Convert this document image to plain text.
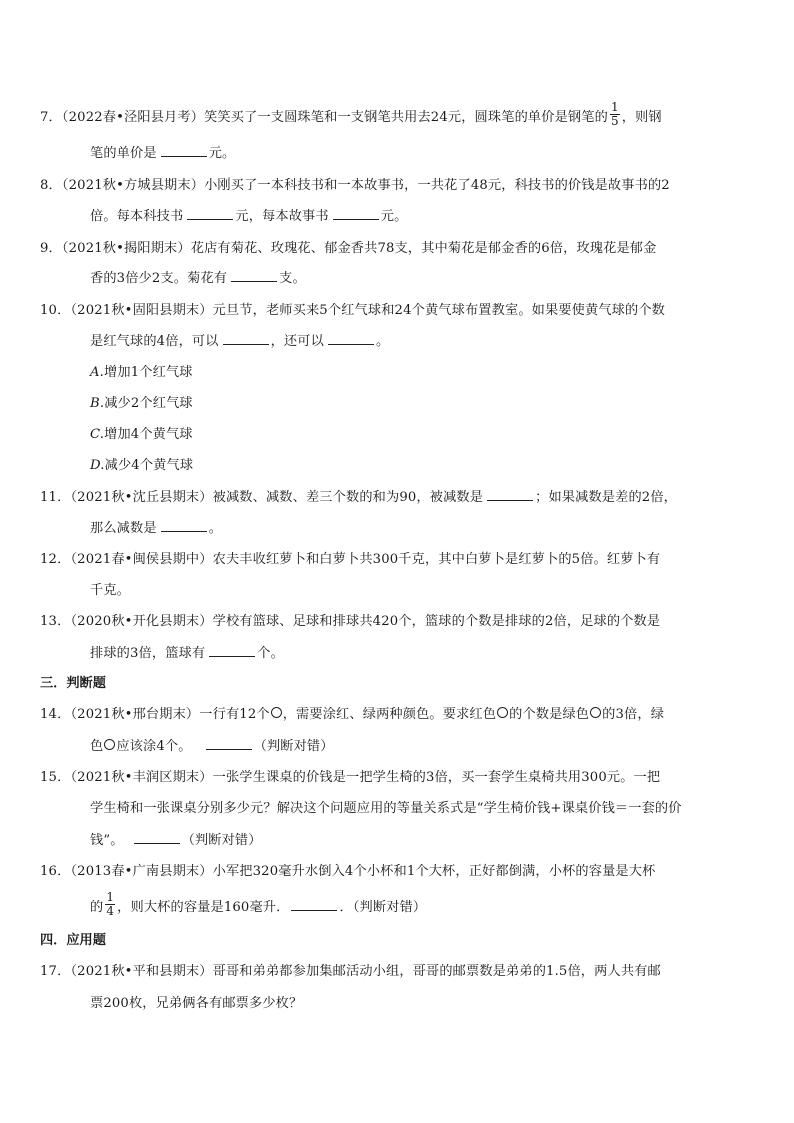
7．（2022春•泾阳县月考）笑笑买了一支圆珠笔和一支钢笔共用去24元，圆珠笔的单价是钢笔的 $\frac{1}{5}$ ，则钢
笔的单价是	元。
8．（2021秋•方城县期末）小刚买了一本科技书和一本故事书，一共花了48元，科技书的价钱是故事书的2
倍。每本科技书	元，每本故事书	元。
9．（2021秋•揭阳期末）花店有菊花、玫瑰花、郁金香共78支，其中菊花是郁金香的6倍，玫瑰花是郁金
香的3倍少2支。菊花有	支。
10．（2021秋•固阳县期末）元旦节，老师买来5个红气球和24个黄气球布置教室。如果要使黄气球的个数
是红气球的4倍，可以	，还可以	。
A.增加1个红气球
B.减少2个红气球
C.增加4个黄气球
D.减少4个黄气球
11．（2021秋•沈丘县期末）被减数、减数、差三个数的和为90，被减数是	；如果减数是差的2倍，
那么减数是	。
12．（2021春•闽侯县期中）农夫丰收红萝卜和白萝卜共300千克，其中白萝卜是红萝卜的5倍。红萝卜有
千克。
13．（2020秋•开化县期末）学校有篮球、足球和排球共420个，篮球的个数是排球的2倍，足球的个数是
排球的3倍，篮球有	个。
三．判断题
14．（2021秋•邢台期末）一行有12个 ，需要涂红、绿两种颜色。要求红色 的个数是绿色 的3倍，绿
色 应该涂4个。	（判断对错）
15．（2021秋•丰润区期末）一张学生课桌的价钱是一把学生椅的3倍，买一套学生桌椅共用300元。一把
学生椅和一张课桌分别多少元？解决这个问题应用的等量关系式是“学生椅价钱+课桌价钱＝一套的价
钱”。	（判断对错）
16．（2013春•广南县期末）小军把320毫升水倒入4个小杯和1个大杯，正好都倒满，小杯的容量是大杯
的 $\frac{1}{4}$ ，则大杯的容量是160毫升．	．（判断对错）
四．应用题
17．（2021秋•平和县期末）哥哥和弟弟都参加集邮活动小组，哥哥的邮票数是弟弟的1.5倍，两人共有邮
票200枚，兄弟俩各有邮票多少枚？
